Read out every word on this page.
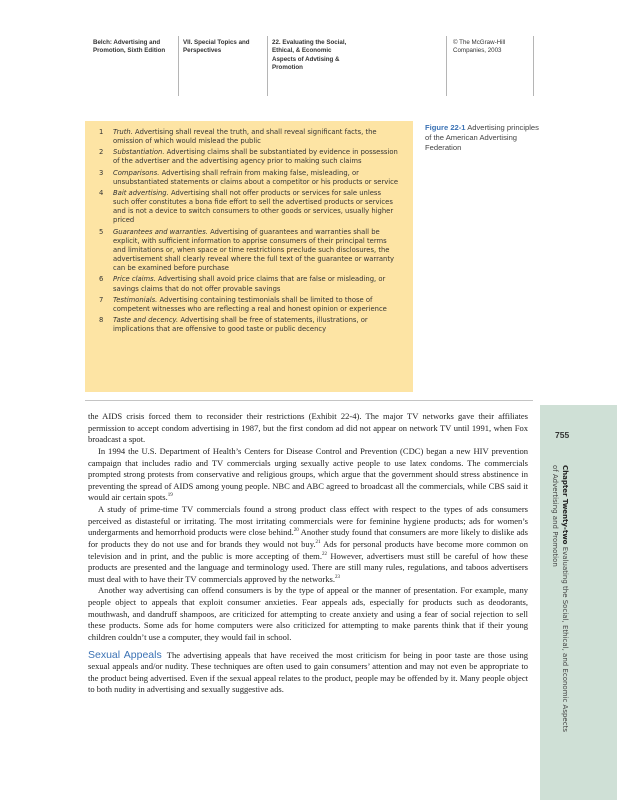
Belch: Advertising and
Promotion, Sixth Edition
VII. Special Topics and
Perspectives
22. Evaluating the Social,
Ethical, & Economic
Aspects of Advtising &
Promotion
© The McGraw-Hill
Companies, 2003
1 Truth. Advertising shall reveal the truth, and shall reveal significant facts, the omission of which would mislead the public
2 Substantiation. Advertising claims shall be substantiated by evidence in possession of the advertiser and the advertising agency prior to making such claims
3 Comparisons. Advertising shall refrain from making false, misleading, or unsubstantiated statements or claims about a competitor or his products or service
4 Bait advertising. Advertising shall not offer products or services for sale unless such offer constitutes a bona fide effort to sell the advertised products or services and is not a device to switch consumers to other goods or services, usually higher priced
5 Guarantees and warranties. Advertising of guarantees and warranties shall be explicit, with sufficient information to apprise consumers of their principal terms and limitations or, when space or time restrictions preclude such disclosures, the advertisement shall clearly reveal where the full text of the guarantee or warranty can be examined before purchase
6 Price claims. Advertising shall avoid price claims that are false or misleading, or savings claims that do not offer provable savings
7 Testimonials. Advertising containing testimonials shall be limited to those of competent witnesses who are reflecting a real and honest opinion or experience
8 Taste and decency. Advertising shall be free of statements, illustrations, or implications that are offensive to good taste or public decency
Figure 22-1 Advertising principles of the American Advertising Federation

the AIDS crisis forced them to reconsider their restrictions (Exhibit 22-4). The major TV networks gave their affiliates permission to accept condom advertising in 1987, but the first condom ad did not appear on network TV until 1991, when Fox broadcast a spot.

In 1994 the U.S. Department of Health’s Centers for Disease Control and Prevention (CDC) began a new HIV prevention campaign that includes radio and TV commercials urging sexually active people to use latex condoms. The commercials prompted strong protests from conservative and religious groups, which argue that the government should stress abstinence in preventing the spread of AIDS among young people. NBC and ABC agreed to broadcast all the commercials, while CBS said it would air certain spots.$^{19}$

A study of prime-time TV commercials found a strong product class effect with respect to the types of ads consumers perceived as distasteful or irritating. The most irritating commercials were for feminine hygiene products; ads for women’s undergarments and hemorrhoid products were close behind.$^{20}$ Another study found that consumers are more likely to dislike ads for products they do not use and for brands they would not buy.$^{21}$ Ads for personal products have become more common on television and in print, and the public is more accepting of them.$^{22}$ However, advertisers must still be careful of how these products are presented and the language and terminology used. There are still many rules, regulations, and taboos advertisers must deal with to have their TV commercials approved by the networks.$^{23}$

Another way advertising can offend consumers is by the type of appeal or the manner of presentation. For example, many people object to appeals that exploit consumer anxieties. Fear appeals ads, especially for products such as deodorants, mouthwash, and dandruff shampoos, are criticized for attempting to create anxiety and using a fear of social rejection to sell these products. Some ads for home computers were also criticized for attempting to make parents think that if their young children couldn’t use a computer, they would fail in school.

Sexual Appeals The advertising appeals that have received the most criticism for being in poor taste are those using sexual appeals and/or nudity. These techniques are often used to gain consumers’ attention and may not even be appropriate to the product being advertised. Even if the sexual appeal relates to the product, people may be offended by it. Many people object to both nudity in advertising and sexually suggestive ads.

755
Chapter Twenty-two Evaluating the Social, Ethical, and Economic Aspects
of Advertising and Promotion
